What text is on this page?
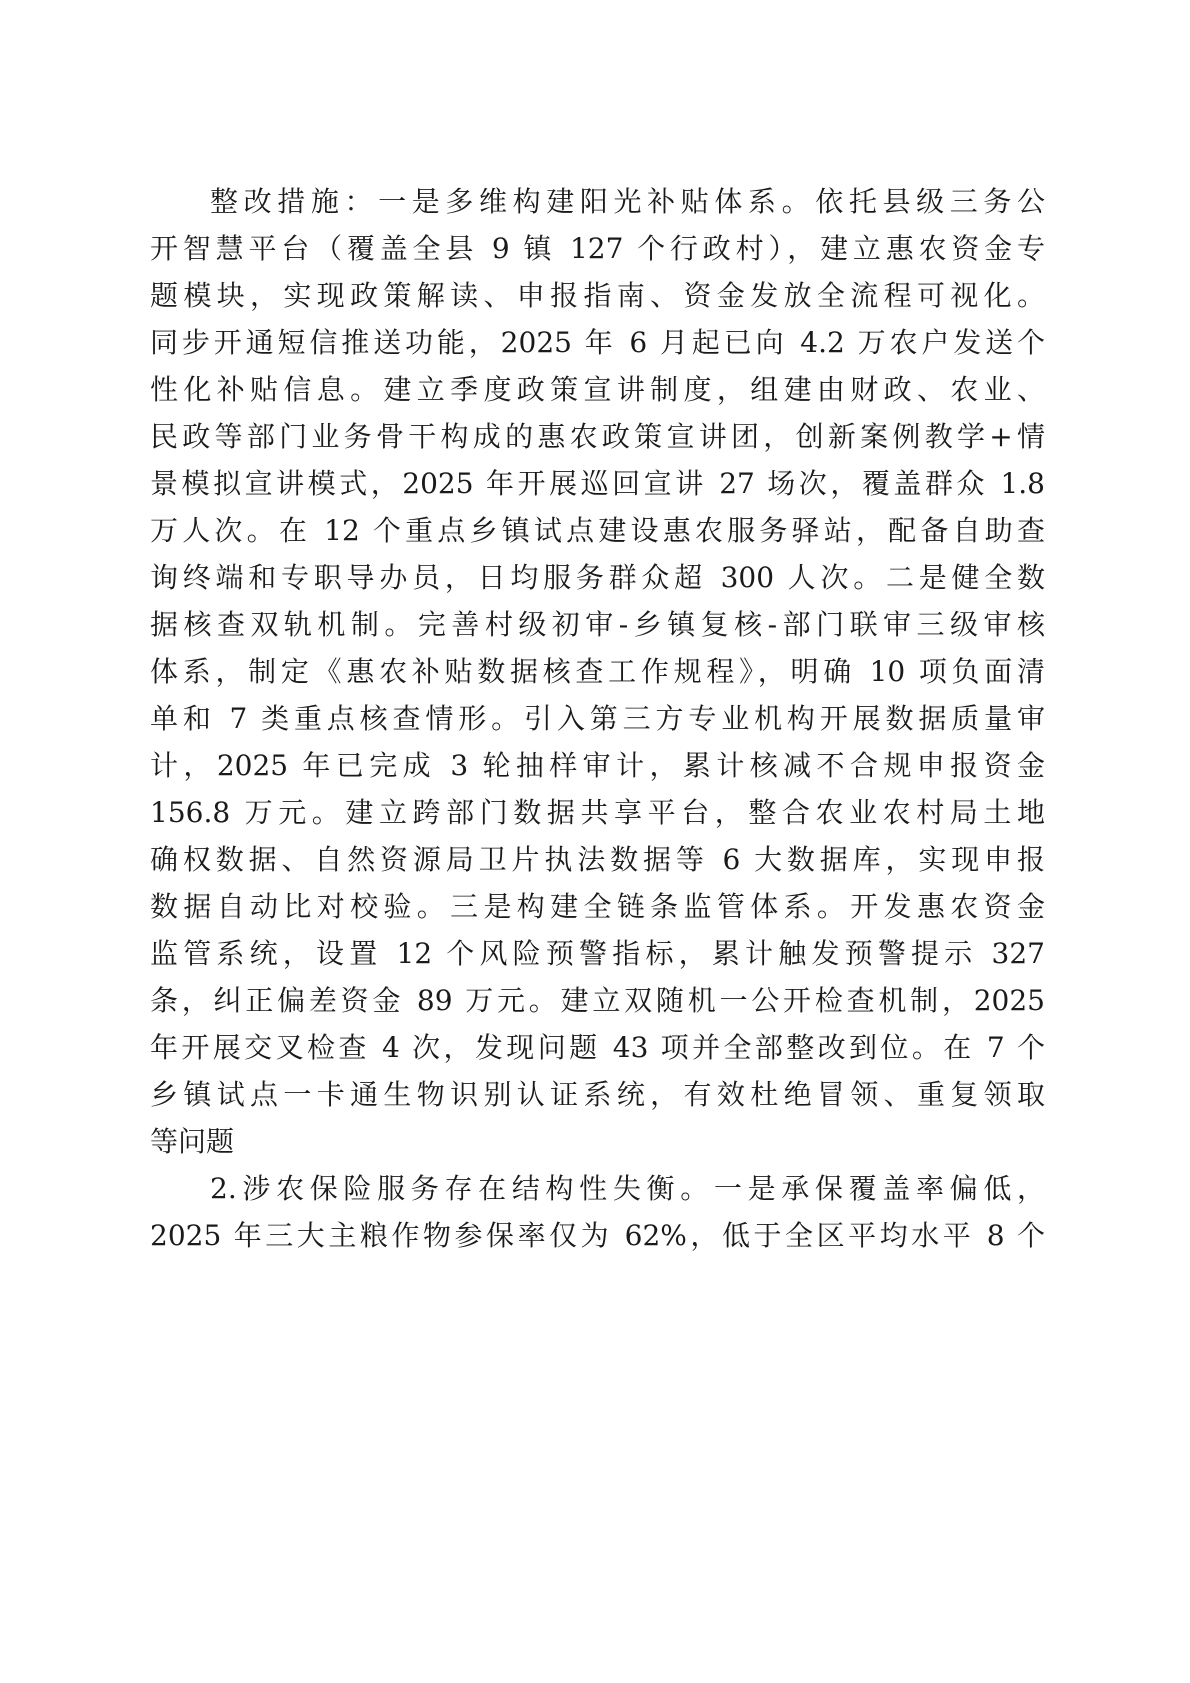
整改措施：一是多维构建阳光补贴体系。依托县级三务公
开智慧平台（覆盖全县 9 镇 127 个行政村），建立惠农资金专
题模块，实现政策解读、申报指南、资金发放全流程可视化。
同步开通短信推送功能，2025 年 6 月起已向 4.2 万农户发送个
性化补贴信息。建立季度政策宣讲制度，组建由财政、农业、
民政等部门业务骨干构成的惠农政策宣讲团，创新案例教学+情
景模拟宣讲模式，2025 年开展巡回宣讲 27 场次，覆盖群众 1.8
万人次。在 12 个重点乡镇试点建设惠农服务驿站，配备自助查
询终端和专职导办员，日均服务群众超 300 人次。二是健全数
据核查双轨机制。完善村级初审-乡镇复核-部门联审三级审核
体系，制定《惠农补贴数据核查工作规程》，明确 10 项负面清
单和 7 类重点核查情形。引入第三方专业机构开展数据质量审
计，2025 年已完成 3 轮抽样审计，累计核减不合规申报资金
156.8 万元。建立跨部门数据共享平台，整合农业农村局土地
确权数据、自然资源局卫片执法数据等 6 大数据库，实现申报
数据自动比对校验。三是构建全链条监管体系。开发惠农资金
监管系统，设置 12 个风险预警指标，累计触发预警提示 327
条，纠正偏差资金 89 万元。建立双随机一公开检查机制，2025
年开展交叉检查 4 次，发现问题 43 项并全部整改到位。在 7 个
乡镇试点一卡通生物识别认证系统，有效杜绝冒领、重复领取
等问题
2.涉农保险服务存在结构性失衡。一是承保覆盖率偏低，
2025 年三大主粮作物参保率仅为 62%，低于全区平均水平 8 个
